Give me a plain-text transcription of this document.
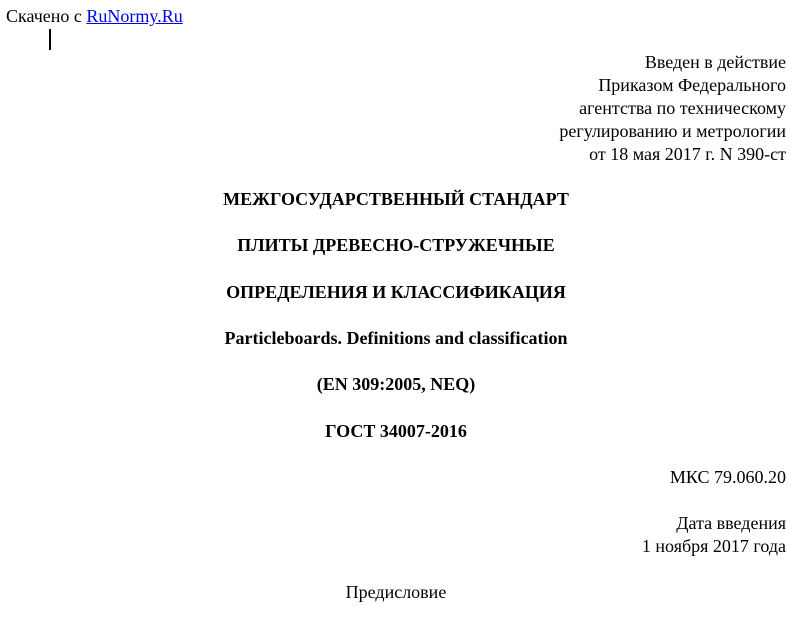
Скачено с RuNormy.Ru
Введен в действие
Приказом Федерального
агентства по техническому
регулированию и метрологии
от 18 мая 2017 г. N 390-ст
МЕЖГОСУДАРСТВЕННЫЙ СТАНДАРТ
ПЛИТЫ ДРЕВЕСНО-СТРУЖЕЧНЫЕ
ОПРЕДЕЛЕНИЯ И КЛАССИФИКАЦИЯ
Particleboards. Definitions and classification
(EN 309:2005, NEQ)
ГОСТ 34007-2016
МКС 79.060.20
Дата введения
1 ноября 2017 года
Предисловие
